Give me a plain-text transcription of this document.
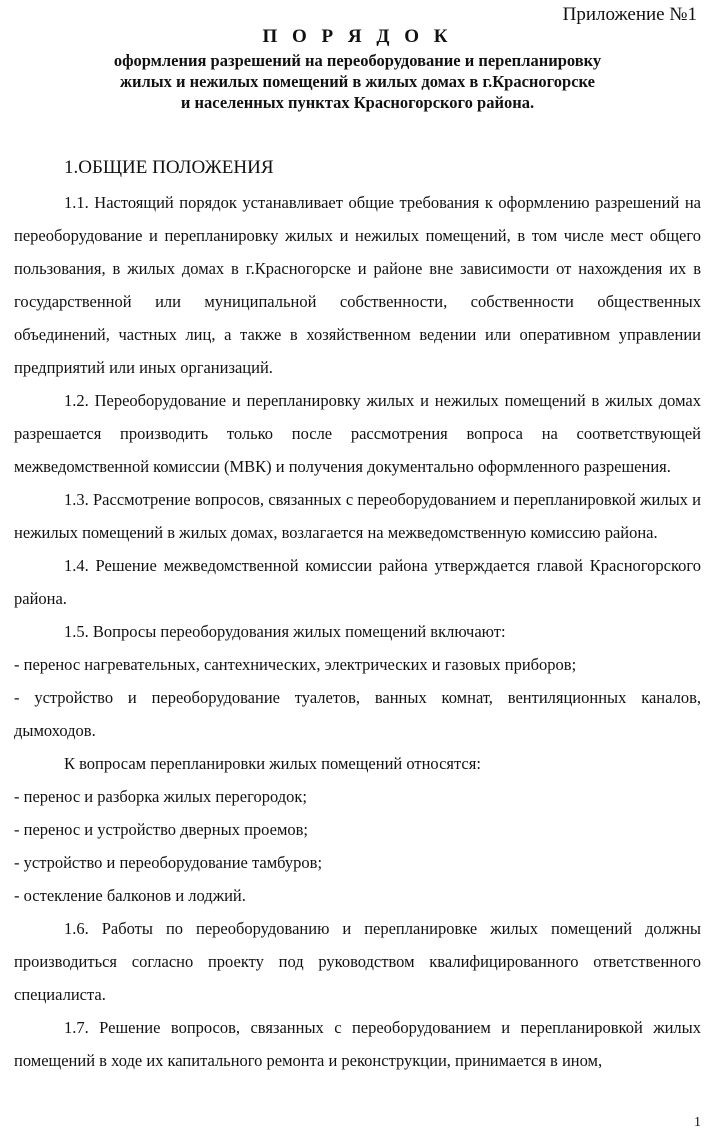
Приложение №1
П О Р Я Д О К
оформления разрешений на переоборудование и перепланировку
жилых и нежилых помещений в жилых домах в г.Красногорске
и населенных пунктах Красногорского района.

1.ОБЩИЕ ПОЛОЖЕНИЯ

1.1. Настоящий порядок устанавливает общие требования к оформлению разрешений на переоборудование и перепланировку жилых и нежилых помещений, в том числе мест общего пользования, в жилых домах в г.Красногорске и районе вне зависимости от нахождения их в государственной или муниципальной собственности, собственности общественных объединений, частных лиц, а также в хозяйственном ведении или оперативном управлении предприятий или иных организаций.

1.2. Переоборудование и перепланировку жилых и нежилых помещений в жилых домах разрешается производить только после рассмотрения вопроса на соответствующей межведомственной комиссии (МВК) и получения документально оформленного разрешения.

1.3. Рассмотрение вопросов, связанных с переоборудованием и перепланировкой жилых и нежилых помещений в жилых домах, возлагается на межведомственную комиссию района.

1.4. Решение межведомственной комиссии района утверждается главой Красногорского района.

1.5. Вопросы переоборудования жилых помещений включают:

- перенос нагревательных, сантехнических, электрических и газовых приборов;

- устройство и переоборудование туалетов, ванных комнат, вентиляционных каналов, дымоходов.

К вопросам перепланировки жилых помещений относятся:

- перенос и разборка жилых перегородок;

- перенос и устройство дверных проемов;

- устройство и переоборудование тамбуров;

- остекление балконов и лоджий.

1.6. Работы по переоборудованию и перепланировке жилых помещений должны производиться согласно проекту под руководством квалифицированного ответственного специалиста.

1.7. Решение вопросов, связанных с переоборудованием и перепланировкой жилых помещений в ходе их капитального ремонта и реконструкции, принимается в ином,

1
